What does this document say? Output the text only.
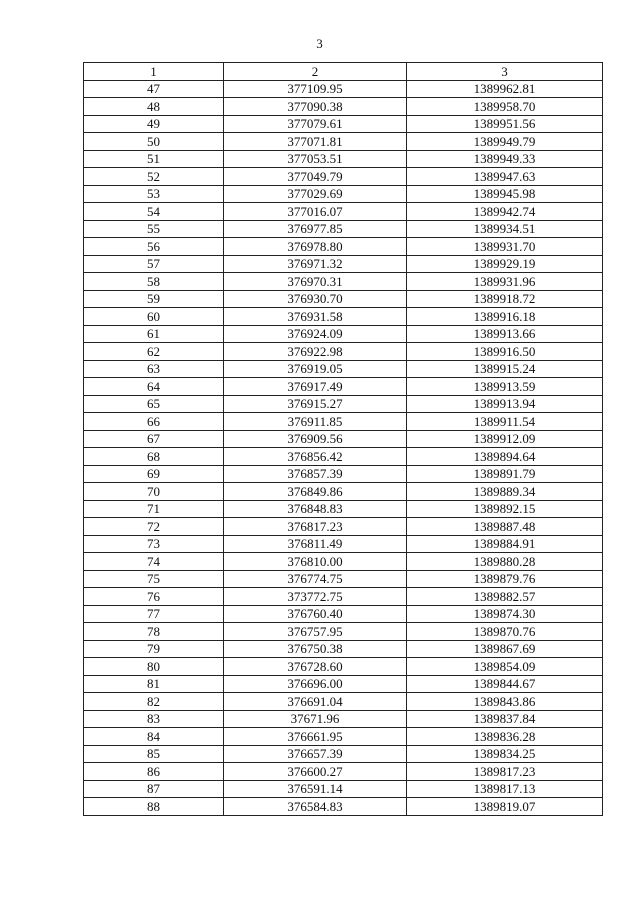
3
1	2	3
47	377109.95	1389962.81
48	377090.38	1389958.70
49	377079.61	1389951.56
50	377071.81	1389949.79
51	377053.51	1389949.33
52	377049.79	1389947.63
53	377029.69	1389945.98
54	377016.07	1389942.74
55	376977.85	1389934.51
56	376978.80	1389931.70
57	376971.32	1389929.19
58	376970.31	1389931.96
59	376930.70	1389918.72
60	376931.58	1389916.18
61	376924.09	1389913.66
62	376922.98	1389916.50
63	376919.05	1389915.24
64	376917.49	1389913.59
65	376915.27	1389913.94
66	376911.85	1389911.54
67	376909.56	1389912.09
68	376856.42	1389894.64
69	376857.39	1389891.79
70	376849.86	1389889.34
71	376848.83	1389892.15
72	376817.23	1389887.48
73	376811.49	1389884.91
74	376810.00	1389880.28
75	376774.75	1389879.76
76	373772.75	1389882.57
77	376760.40	1389874.30
78	376757.95	1389870.76
79	376750.38	1389867.69
80	376728.60	1389854.09
81	376696.00	1389844.67
82	376691.04	1389843.86
83	37671.96	1389837.84
84	376661.95	1389836.28
85	376657.39	1389834.25
86	376600.27	1389817.23
87	376591.14	1389817.13
88	376584.83	1389819.07
